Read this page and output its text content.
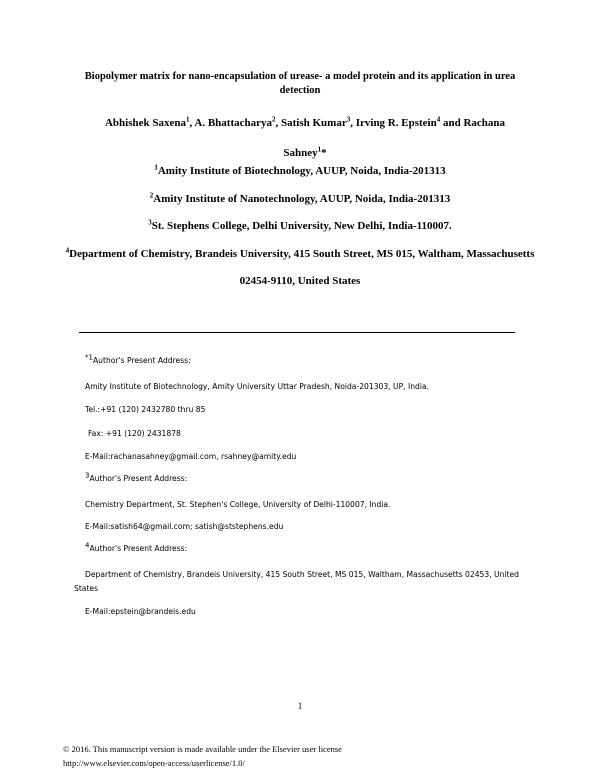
Biopolymer matrix for nano-encapsulation of urease- a model protein and its application in urea detection
Abhishek Saxena$^1$, A. Bhattacharya$^2$, Satish Kumar$^3$, Irving R. Epstein$^4$ and Rachana Sahney$^1$*
$^1$Amity Institute of Biotechnology, AUUP, Noida, India-201313
$^2$Amity Institute of Nanotechnology, AUUP, Noida, India-201313
$^3$St. Stephens College, Delhi University, New Delhi, India-110007.
$^4$Department of Chemistry, Brandeis University, 415 South Street, MS 015, Waltham, Massachusetts 02454-9110, United States
$^{*1}$Author's Present Address:
Amity Institute of Biotechnology, Amity University Uttar Pradesh, Noida-201303, UP, India.
Tel.:+91 (120) 2432780 thru 85
Fax: +91 (120) 2431878
E-Mail:rachanasahney@gmail.com, rsahney@amity.edu
$^3$Author's Present Address:
Chemistry Department, St. Stephen's College, University of Delhi-110007, India.
E-Mail:satish64@gmail.com; satish@ststephens.edu
$^4$Author's Present Address:
Department of Chemistry, Brandeis University, 415 South Street, MS 015, Waltham, Massachusetts 02453, United States
E-Mail:epstein@brandeis.edu
1
© 2016. This manuscript version is made available under the Elsevier user license
http://www.elsevier.com/open-access/userlicense/1.0/
